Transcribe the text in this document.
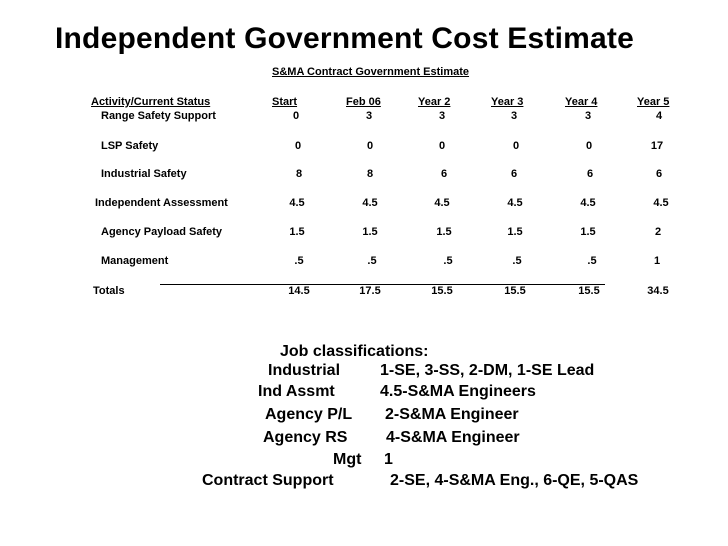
Independent Government Cost Estimate
S&MA Contract Government Estimate
Activity/Current Status	Start	Feb 06	Year 2	Year 3	Year 4	Year 5
Range Safety Support	0	3	3	3	3	4
LSP Safety	0	0	0	0	0	17
Industrial Safety	8	8	6	6	6	6
Independent Assessment	4.5	4.5	4.5	4.5	4.5	4.5
Agency Payload Safety	1.5	1.5	1.5	1.5	1.5	2
Management	.5	.5	.5	.5	.5	1
Totals	14.5	17.5	15.5	15.5	15.5	34.5
Job classifications:
Industrial 1-SE, 3-SS, 2-DM, 1-SE Lead
Ind Assmt	4.5-S&MA Engineers
Agency P/L 2-S&MA Engineer
Agency RS 4-S&MA Engineer
Mgt 1
Contract Support	2-SE, 4-S&MA Eng., 6-QE, 5-QAS
